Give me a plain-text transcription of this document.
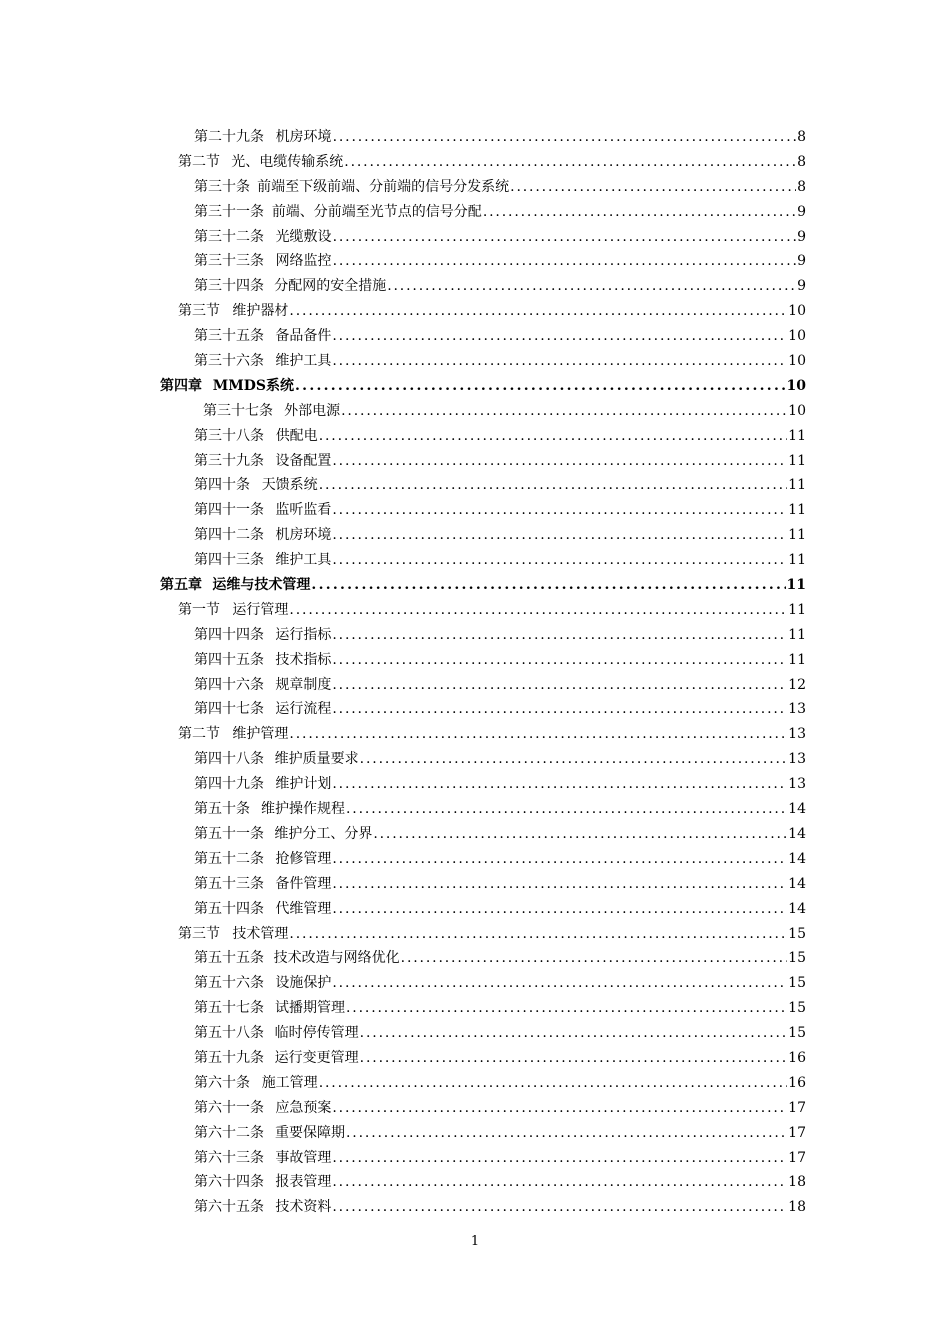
第二十九条 机房环境 . . .	8
第二节 光、电缆传输系统 . . .	8
第三十条 前端至下级前端、分前端的信号分发系统 . . .	8
第三十一条 前端、分前端至光节点的信号分配 . . .	9
第三十二条 光缆敷设 . . .	9
第三十三条 网络监控 . . .	9
第三十四条 分配网的安全措施 . . .	9
第三节 维护器材 . . .	10
第三十五条 备品备件 . . .	10
第三十六条 维护工具 . . .	10
第四章 MMDS系统 . . .	10
第三十七条 外部电源 . . .	10
第三十八条 供配电 . . .	11
第三十九条 设备配置 . . .	11
第四十条 天馈系统 . . .	11
第四十一条 监听监看 . . .	11
第四十二条 机房环境 . . .	11
第四十三条 维护工具 . . .	11
第五章 运维与技术管理 . . .	11
第一节 运行管理 . . .	11
第四十四条 运行指标 . . .	11
第四十五条 技术指标 . . .	11
第四十六条 规章制度 . . .	12
第四十七条 运行流程 . . .	13
第二节 维护管理 . . .	13
第四十八条 维护质量要求 . . .	13
第四十九条 维护计划 . . .	13
第五十条 维护操作规程 . . .	14
第五十一条 维护分工、分界 . . .	14
第五十二条 抢修管理 . . .	14
第五十三条 备件管理 . . .	14
第五十四条 代维管理 . . .	14
第三节 技术管理 . . .	15
第五十五条 技术改造与网络优化 . . .	15
第五十六条 设施保护 . . .	15
第五十七条 试播期管理 . . .	15
第五十八条 临时停传管理 . . .	15
第五十九条 运行变更管理 . . .	16
第六十条 施工管理 . . .	16
第六十一条 应急预案 . . .	17
第六十二条 重要保障期 . . .	17
第六十三条 事故管理 . . .	17
第六十四条 报表管理 . . .	18
第六十五条 技术资料 . . .	18
1
